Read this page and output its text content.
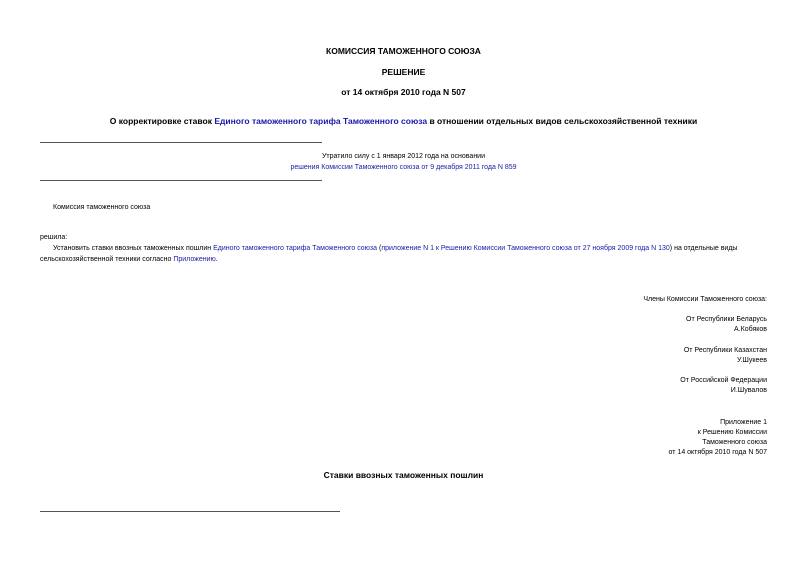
КОМИССИЯ ТАМОЖЕННОГО СОЮЗА
РЕШЕНИЕ
от 14 октября 2010 года N 507
О корректировке ставок Единого таможенного тарифа Таможенного союза в отношении отдельных видов сельскохозяйственной техники
Утратило силу с 1 января 2012 года на основании
решения Комиссии Таможенного союза от 9 декабря 2011 года N 859
Комиссия таможенного союза
решила:
Установить ставки ввозных таможенных пошлин Единого таможенного тарифа Таможенного союза (приложение N 1 к Решению Комиссии Таможенного союза от 27 ноября 2009 года N 130) на отдельные виды сельскохозяйственной техники согласно Приложению.
Члены Комиссии Таможенного союза:
От Республики Беларусь
А.Кобяков
От Республики Казахстан
У.Шукеев
От Российской Федерации
И.Шувалов
Приложение 1
к Решению Комиссии
Таможенного союза
от 14 октября 2010 года N 507
Ставки ввозных таможенных пошлин
